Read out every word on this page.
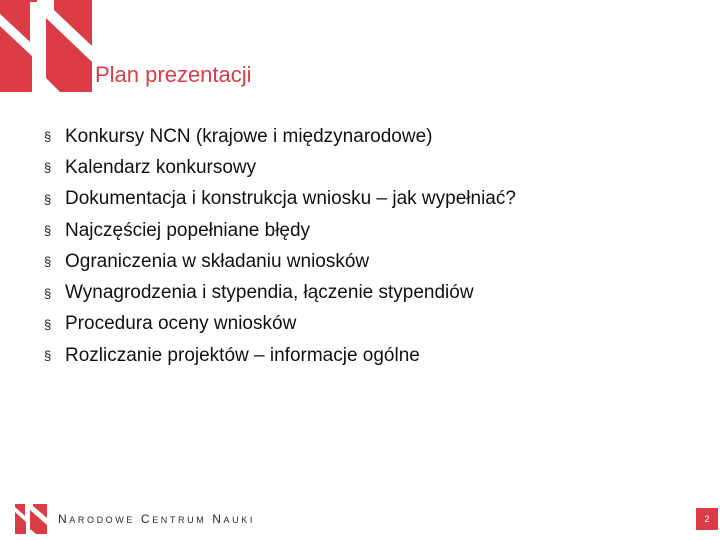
Plan prezentacji
§ Konkursy NCN (krajowe i międzynarodowe)
§ Kalendarz konkursowy
§ Dokumentacja i konstrukcja wniosku – jak wypełniać?
§ Najczęściej popełniane błędy
§ Ograniczenia w składaniu wniosków
§ Wynagrodzenia i stypendia, łączenie stypendiów
§ Procedura oceny wniosków
§ Rozliczanie projektów – informacje ogólne
NARODOWE CENTRUM NAUKI	2
